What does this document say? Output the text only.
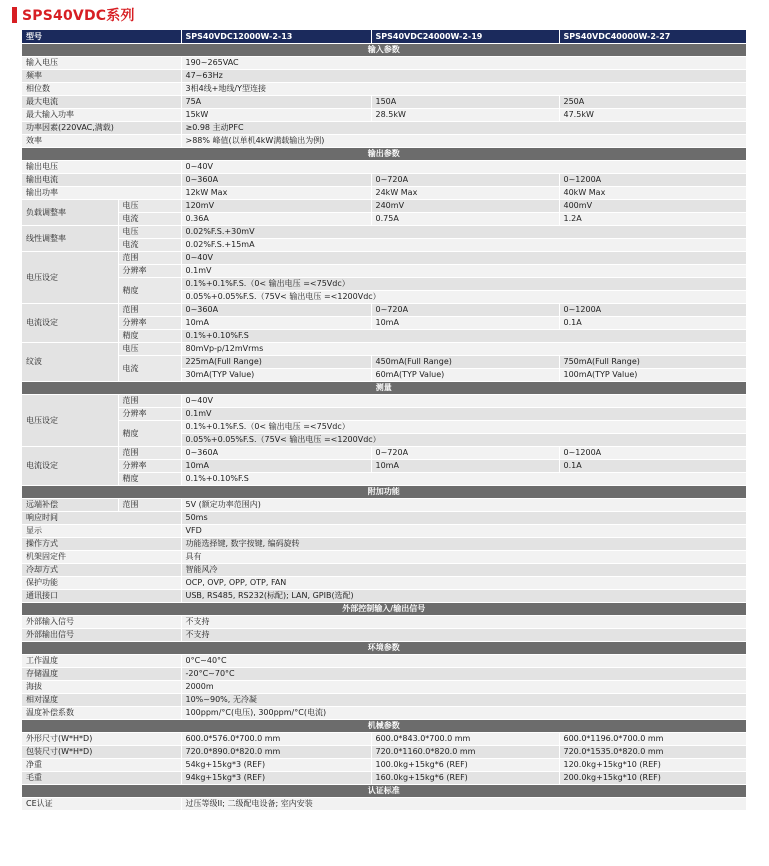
SPS40VDC系列
型号		SPS40VDC12000W-2-13	SPS40VDC24000W-2-19	SPS40VDC40000W-2-27
输入参数				
输入电压		190~265VAC		
频率		47~63Hz		
相位数		3相4线+地线/Y型连接		
最大电流		75A	150A	250A
最大输入功率		15kW	28.5kW	47.5kW
功率因素(220VAC,满载)		≥0.98 主动PFC		
效率		>88% 峰值(以单机4kW满载输出为例)		
输出参数				
输出电压		0~40V		
输出电流		0~360A	0~720A	0~1200A
输出功率		12kW Max	24kW Max	40kW Max
负载调整率	电压	120mV	240mV	400mV
	电流	0.36A	0.75A	1.2A
线性调整率	电压	0.02%F.S.+30mV		
	电流	0.02%F.S.+15mA		
电压设定	范围	0~40V		
	分辨率	0.1mV		
	精度	0.1%+0.1%F.S.（0< 输出电压 =<75Vdc）		
		0.05%+0.05%F.S.（75V< 输出电压 =<1200Vdc）		
电流设定	范围	0~360A	0~720A	0~1200A
	分辨率	10mA	10mA	0.1A
	精度	0.1%+0.10%F.S		
纹波	电压	80mVp-p/12mVrms		
	电流	225mA(Full Range)	450mA(Full Range)	750mA(Full Range)
		30mA(TYP Value)	60mA(TYP Value)	100mA(TYP Value)
测量				
电压设定	范围	0~40V		
	分辨率	0.1mV		
	精度	0.1%+0.1%F.S.（0< 输出电压 =<75Vdc）		
		0.05%+0.05%F.S.（75V< 输出电压 =<1200Vdc）		
电流设定	范围	0~360A	0~720A	0~1200A
	分辨率	10mA	10mA	0.1A
	精度	0.1%+0.10%F.S		
附加功能				
远端补偿	范围	5V (额定功率范围内)		
响应时间		50ms		
显示		VFD		
操作方式		功能选择键, 数字按键, 编码旋转		
机架固定件		具有		
冷却方式		智能风冷		
保护功能		OCP, OVP, OPP, OTP, FAN		
通讯接口		USB, RS485, RS232(标配); LAN, GPIB(选配)		
外部控制输入/输出信号				
外部输入信号		不支持		
外部输出信号		不支持		
环境参数				
工作温度		0°C~40°C		
存储温度		-20°C~70°C		
海拔		2000m		
相对湿度		10%~90%, 无冷凝		
温度补偿系数		100ppm/°C(电压), 300ppm/°C(电流)		
机械参数				
外形尺寸(W*H*D)		600.0*576.0*700.0 mm	600.0*843.0*700.0 mm	600.0*1196.0*700.0 mm
包装尺寸(W*H*D)		720.0*890.0*820.0 mm	720.0*1160.0*820.0 mm	720.0*1535.0*820.0 mm
净重		54kg+15kg*3 (REF)	100.0kg+15kg*6 (REF)	120.0kg+15kg*10 (REF)
毛重		94kg+15kg*3 (REF)	160.0kg+15kg*6 (REF)	200.0kg+15kg*10 (REF)
认证标准				
CE认证		过压等级II; 二级配电设备; 室内安装		
